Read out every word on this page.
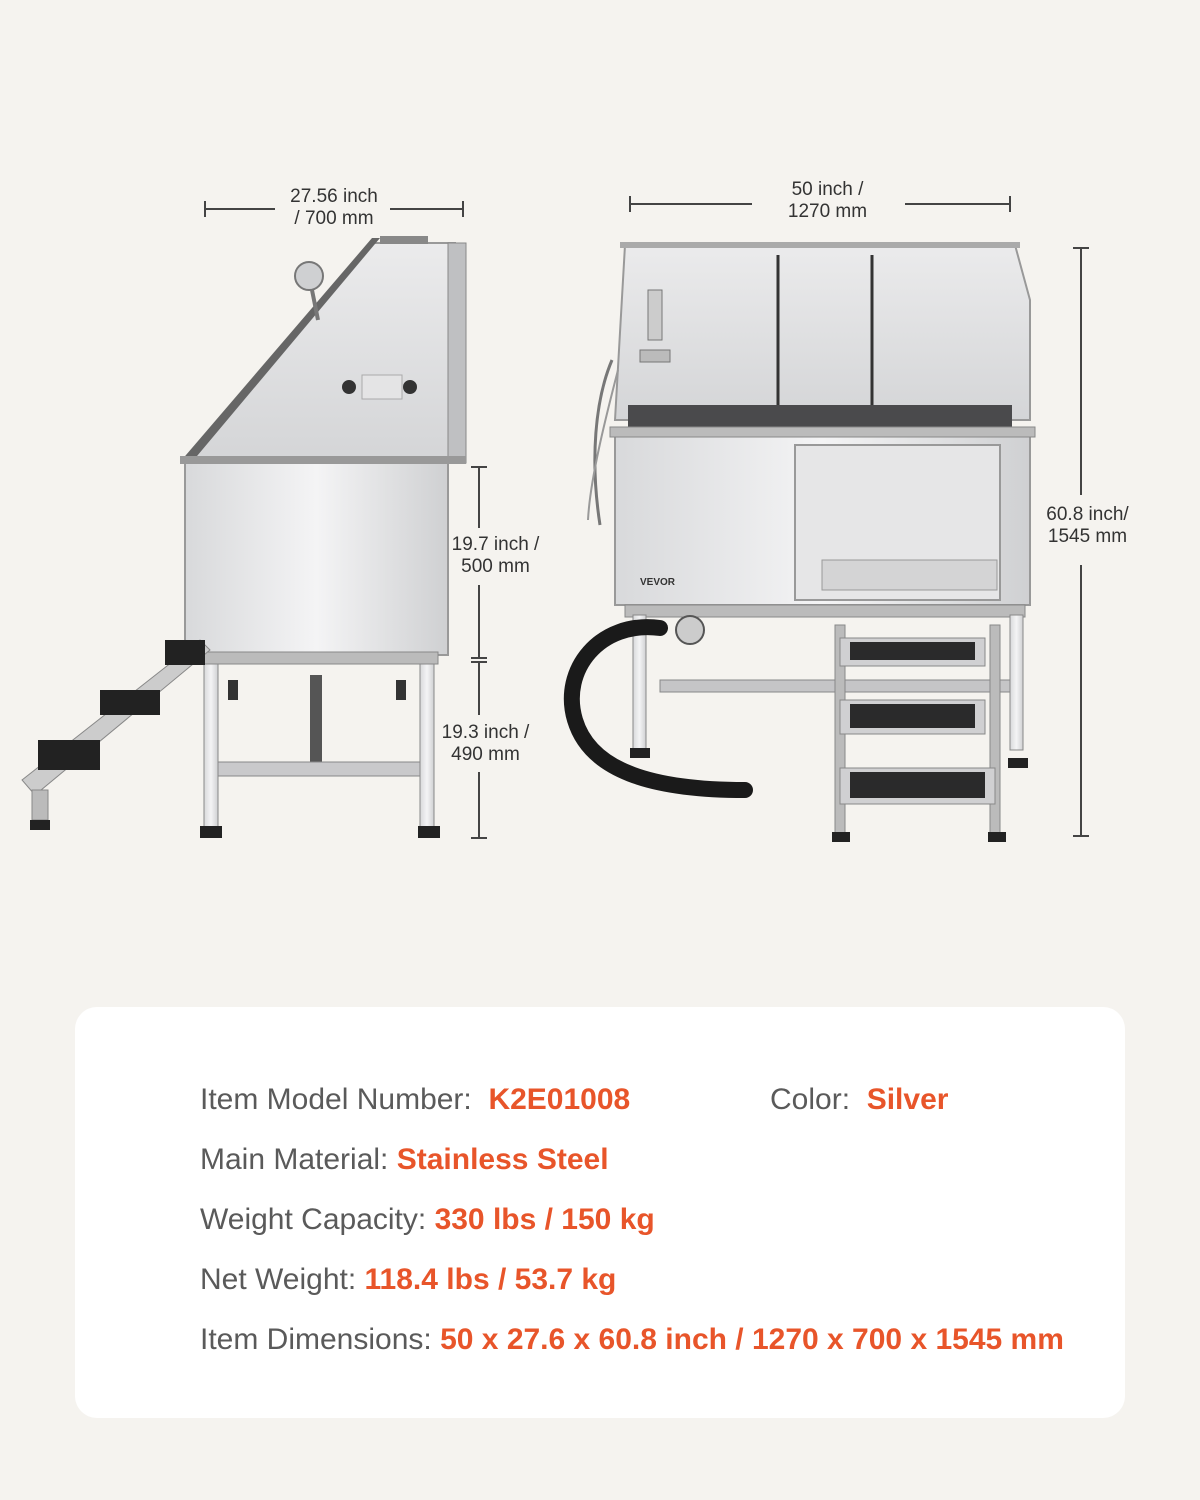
VEVOR
27.56 inch
/ 700 mm
50 inch /
1270 mm
60.8 inch/
1545 mm
19.7 inch /
500 mm
19.3 inch /
490 mm
Item Model Number: K2E01008	Color: Silver
Main Material: Stainless Steel
Weight Capacity: 330 lbs / 150 kg
Net Weight: 118.4 lbs / 53.7 kg
Item Dimensions: 50 x 27.6 x 60.8 inch / 1270 x 700 x 1545 mm
